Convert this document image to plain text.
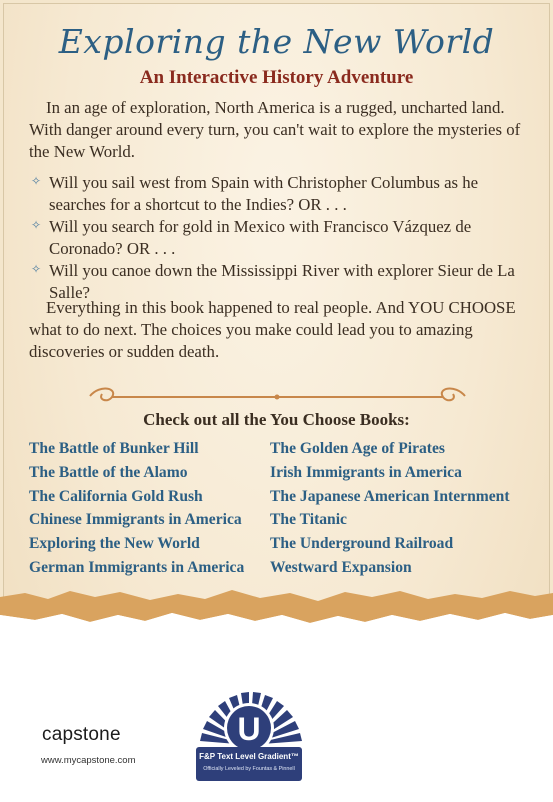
Exploring the New World
An Interactive History Adventure

In an age of exploration, North America is a rugged, uncharted land. With danger around every turn, you can't wait to explore the mysteries of the New World.

✧ Will you sail west from Spain with Christopher Columbus as he searches for a shortcut to the Indies? OR . . .
✧ Will you search for gold in Mexico with Francisco Vázquez de Coronado? OR . . .
✧ Will you canoe down the Mississippi River with explorer Sieur de La Salle?

Everything in this book happened to real people. And YOU CHOOSE what to do next. The choices you make could lead you to amazing discoveries or sudden death.

Check out all the You Choose Books:
The Battle of Bunker Hill
The Battle of the Alamo
The California Gold Rush
Chinese Immigrants in America
Exploring the New World
German Immigrants in America
The Golden Age of Pirates
Irish Immigrants in America
The Japanese American Internment
The Titanic
The Underground Railroad
Westward Expansion
capstone
www.mycapstone.com
U
F&P Text Level Gradient™
Officially Leveled by Fountas & Pinnell
